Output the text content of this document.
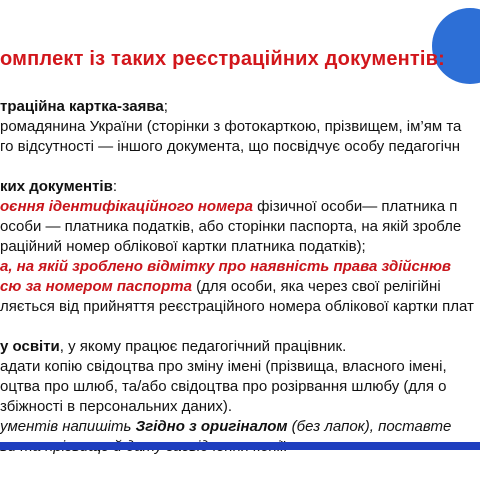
омплект із таких реєстраційних документів:
траційна картка-заява;
ромадянина України (сторінки з фотокарткою, прізвищем, ім’ям та
го відсутності — іншого документа, що посвідчує особу педагогічн
ких документів:
оєння ідентифікаційного номера фізичної особи— платника п
особи — платника податків, або сторінки паспорта, на якій зробле
раційний номер облікової картки платника податків);
а, на якій зроблено відмітку про наявність права здійснюв
сю за номером паспорта (для особи, яка через свої релігійні
ляється від прийняття реєстраційного номера облікової картки плат
у освіти, у якому працює педагогічний працівник.
адати копію свідоцтва про зміну імені (прізвища, власного імені,
оцтва про шлюб, та/або свідоцтва про розірвання шлюбу (для о
збіжності в персональних даних).
ументів напишіть Згідно з оригіналом (без лапок), поставте
